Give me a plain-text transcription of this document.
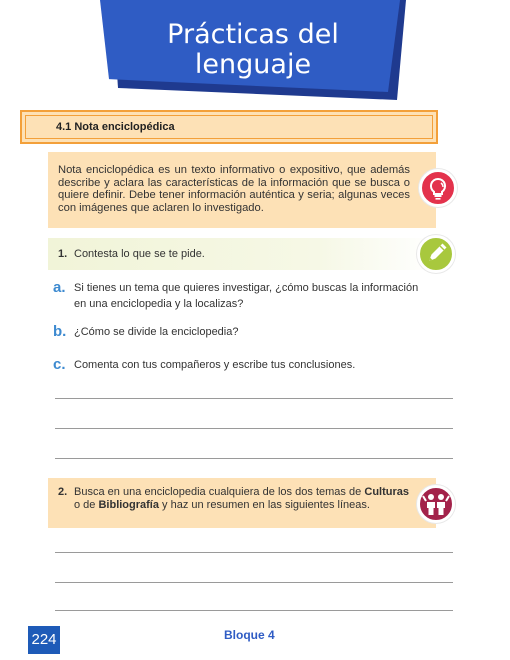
Prácticas del
lenguaje
4.1 Nota enciclopédica
Nota enciclopédica es un texto informativo o expositivo, que además describe y aclara las características de la información que se busca o quiere definir. Debe tener información auténtica y seria; algunas veces con imágenes que aclaren lo investigado.
1. Contesta lo que se te pide.
a. Si tienes un tema que quieres investigar, ¿cómo buscas la información
en una enciclopedia y la localizas?
b. ¿Cómo se divide la enciclopedia?
c. Comenta con tus compañeros y escribe tus conclusiones.
2. Busca en una enciclopedia cualquiera de los dos temas de Culturas o de Bibliografía y haz un resumen en las siguientes líneas.
224	Bloque 4
